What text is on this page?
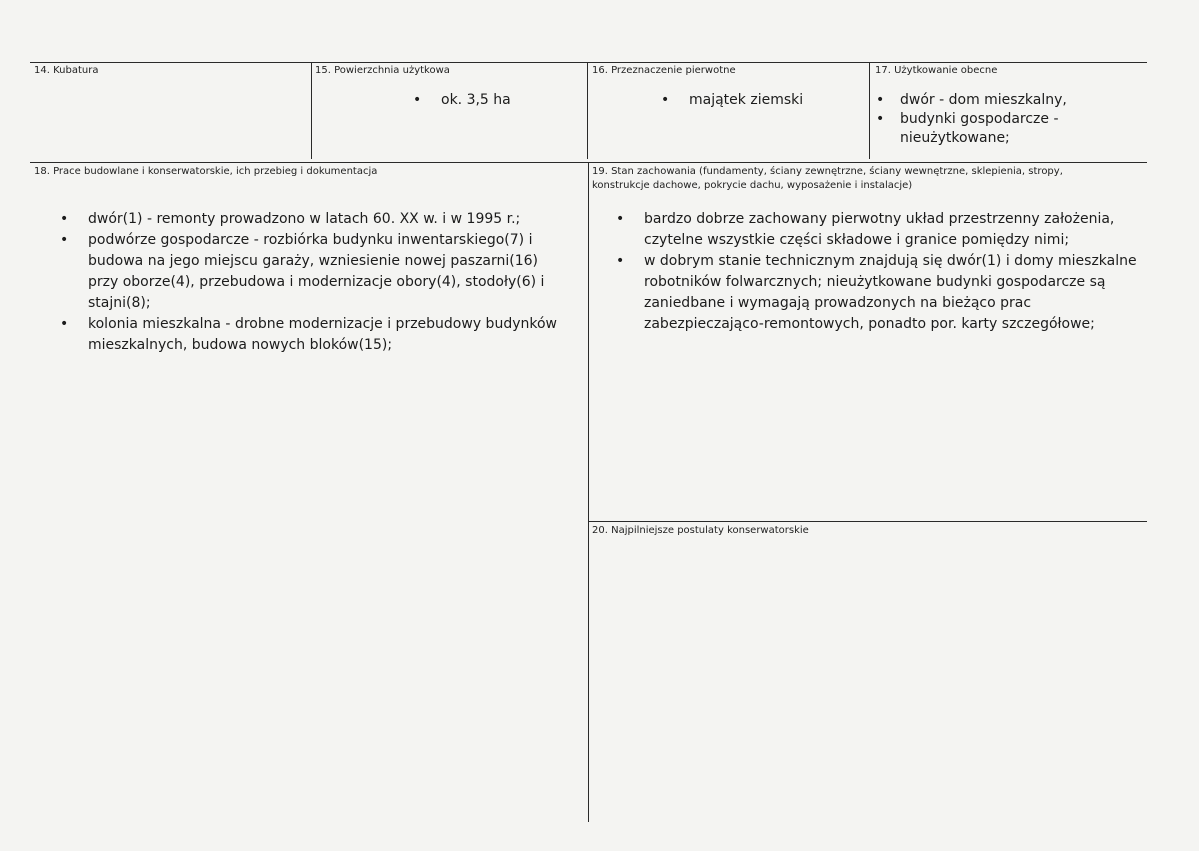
14. Kubatura	15. Powierzchnia użytkowa
• ok. 3,5 ha
16. Przeznaczenie pierwotne
• majątek ziemski
17. Użytkowanie obecne
• dwór - dom mieszkalny,
• budynki gospodarcze - nieużytkowane;
18. Prace budowlane i konserwatorskie, ich przebieg i dokumentacja
• dwór(1) - remonty prowadzono w latach 60. XX w. i w 1995 r.;
• podwórze gospodarcze - rozbiórka budynku inwentarskiego(7) i budowa na jego miejscu garaży, wzniesienie nowej paszarni(16) przy oborze(4), przebudowa i modernizacje obory(4), stodoły(6) i stajni(8);
• kolonia mieszkalna - drobne modernizacje i przebudowy budynków mieszkalnych, budowa nowych bloków(15);
19. Stan zachowania (fundamenty, ściany zewnętrzne, ściany wewnętrzne, sklepienia, stropy,
konstrukcje dachowe, pokrycie dachu, wyposażenie i instalacje)
• bardzo dobrze zachowany pierwotny układ przestrzenny założenia, czytelne wszystkie części składowe i granice pomiędzy nimi;
• w dobrym stanie technicznym znajdują się dwór(1) i domy mieszkalne robotników folwarcznych; nieużytkowane budynki gospodarcze są zaniedbane i wymagają prowadzonych na bieżąco prac zabezpieczająco-remontowych, ponadto por. karty szczegółowe;
20. Najpilniejsze postulaty konserwatorskie
